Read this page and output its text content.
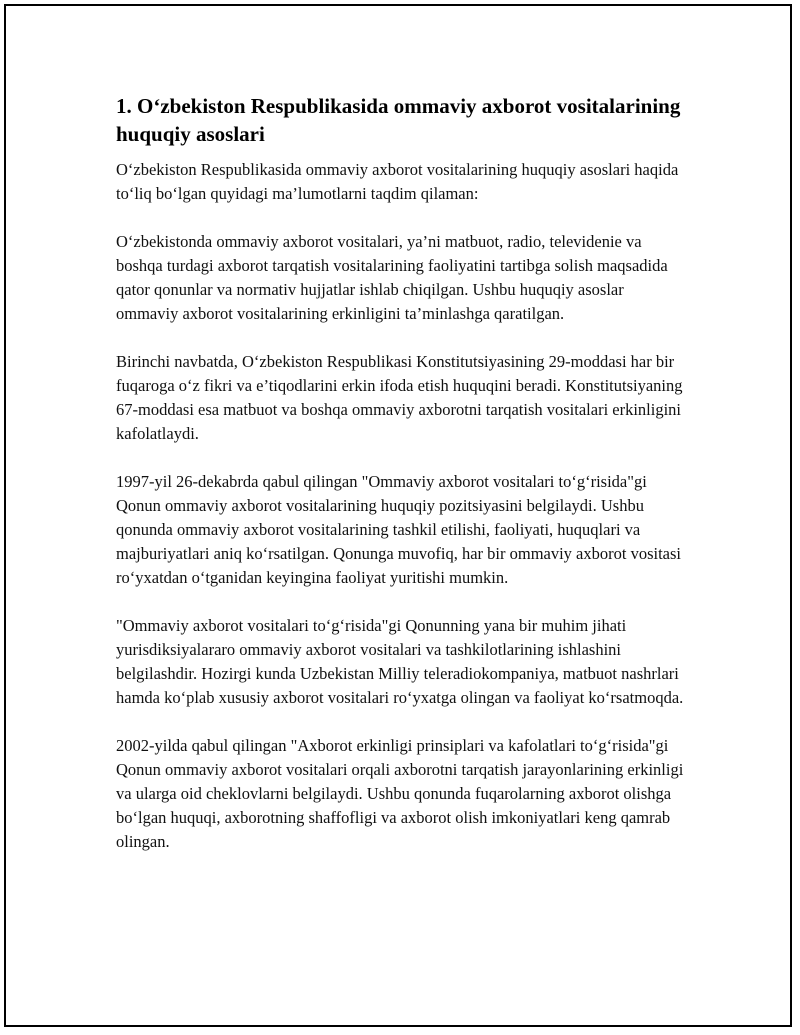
1. O‘zbekiston Respublikasida ommaviy axborot vositalarining huquqiy asoslari

O‘zbekiston Respublikasida ommaviy axborot vositalarining huquqiy asoslari haqida to‘liq bo‘lgan quyidagi ma’lumotlarni taqdim qilaman:

O‘zbekistonda ommaviy axborot vositalari, ya’ni matbuot, radio, televidenie va boshqa turdagi axborot tarqatish vositalarining faoliyatini tartibga solish maqsadida qator qonunlar va normativ hujjatlar ishlab chiqilgan. Ushbu huquqiy asoslar ommaviy axborot vositalarining erkinligini ta’minlashga qaratilgan.

Birinchi navbatda, O‘zbekiston Respublikasi Konstitutsiyasining 29-moddasi har bir fuqaroga o‘z fikri va e’tiqodlarini erkin ifoda etish huquqini beradi. Konstitutsiyaning 67-moddasi esa matbuot va boshqa ommaviy axborotni tarqatish vositalari erkinligini kafolatlaydi.

1997-yil 26-dekabrda qabul qilingan "Ommaviy axborot vositalari to‘g‘risida"gi Qonun ommaviy axborot vositalarining huquqiy pozitsiyasini belgilaydi. Ushbu qonunda ommaviy axborot vositalarining tashkil etilishi, faoliyati, huquqlari va majburiyatlari aniq ko‘rsatilgan. Qonunga muvofiq, har bir ommaviy axborot vositasi ro‘yxatdan o‘tganidan keyingina faoliyat yuritishi mumkin.

"Ommaviy axborot vositalari to‘g‘risida"gi Qonunning yana bir muhim jihati yurisdiksiyalararo ommaviy axborot vositalari va tashkilotlarining ishlashini belgilashdir. Hozirgi kunda Uzbekistan Milliy teleradiokompaniya, matbuot nashrlari hamda ko‘plab xususiy axborot vositalari ro‘yxatga olingan va faoliyat ko‘rsatmoqda.

2002-yilda qabul qilingan "Axborot erkinligi prinsiplari va kafolatlari to‘g‘risida"gi Qonun ommaviy axborot vositalari orqali axborotni tarqatish jarayonlarining erkinligi va ularga oid cheklovlarni belgilaydi. Ushbu qonunda fuqarolarning axborot olishga bo‘lgan huquqi, axborotning shaffofligi va axborot olish imkoniyatlari keng qamrab olingan.
